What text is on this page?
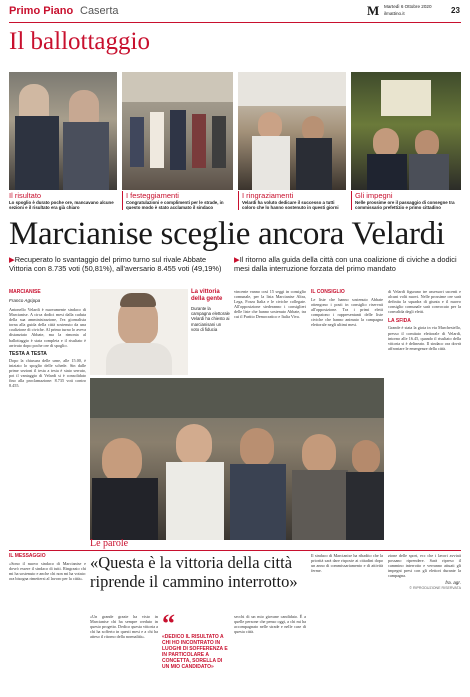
Primo Piano Caserta	M Martedì 6 Ottobre 2020
ilmattino.it	23
Il ballottaggio
Il risultato
Lo spoglio è durato poche ore, mancavano alcune sezioni e il risultato era già chiaro
I festeggiamenti
Congratulazioni e complimenti per le strade, in questo modo è stato acclamato il sindaco
I ringraziamenti
Velardi ha voluto dedicare il successo a tutti coloro che lo hanno sostenuto in questi giorni
Gli impegni
Nelle prossime ore il passaggio di consegne tra commissario prefettizio e primo cittadino
Marcianise sceglie ancora Velardi
▶Recuperato lo svantaggio del primo turno sul rivale Abbate Vittoria con 8.735 voti (50,81%), all'aversario 8.455 voti (49,19%)
▶Il ritorno alla guida della città con una coalizione di civiche a dodici mesi dalla interruzione forzata del primo mandato
MARCIANISE
Franco Agrippa
Antonello Velardi è nuovamente sindaco di Marcianise. A circa dodici mesi dalla caduta della sua amministrazione, l'ex giornalista torna alla guida della città sostenuto da una coalizione di civiche. Al primo turno lo aveva distanziato Abbate, ma la rimonta al ballottaggio è stata completa e il risultato è arrivato dopo poche ore di spoglio.
TESTA A TESTA
Dopo la chiusura delle urne, alle 15.00, è iniziato lo spoglio delle schede. Sin dalle prime sezioni il testa a testa è stato serrato, poi il vantaggio di Velardi si è consolidato fino alla proclamazione: 8.735 voti contro 8.455.
La vittoria della gente
Durante la campagna elettorale Velardi ha chiesto ai marcianisani un voto di fiducia
vincente vanno così 15 seggi in consiglio comunale, per la lista Marcianise Altra, Lega, Forza Italia e le civiche collegate. All'opposizione siederanno i consiglieri delle liste che hanno sostenuto Abbate, tra cui il Partito Democratico e Italia Viva.
IL CONSIGLIO
Le liste che hanno sostenuto Abbate ottengono i posti in consiglio riservati all'opposizione. Tra i primi eletti compaiono i rappresentanti delle liste civiche che hanno animato la campagna elettorale negli ultimi mesi.
di Velardi figurano tre assessori uscenti e alcuni volti nuovi. Nelle prossime ore sarà definita la squadra di giunta e il nuovo consiglio comunale sarà convocato per la convalida degli eletti.
LA SFIDA
Grande è stata la gioia in via Marchesiello, presso il comitato elettorale di Velardi, intorno alle 16.45, quando il risultato della vittoria si è delineato. Il sindaco ora dovrà affrontare le emergenze della città.
Le parole
IL MESSAGGIO
«Sono il nuovo sindaco di Marcianise e dovrò essere il sindaco di tutti. Ringrazio chi mi ha sostenuto e anche chi non mi ha votato: ora bisogna rimettersi al lavoro per la città».
«Questa è la vittoria della città riprende il cammino interrotto»
«Un grande grazie ha visto in Marcianise chi ha sempre creduto in questo progetto. Dedico questa vittoria a chi ha sofferto in questi mesi e a chi ha atteso il ritorno della normalità». “
«DEDICO IL RISULTATO A CHI HO INCONTRATO IN LUOGHI DI SOFFERENZA E IN PARTICOLARE A CONCETTA, SORELLA DI UN MIO CANDIDATO»
secchi di un mio giovane candidato. È a quelle persone che penso oggi, a chi mi ha accompagnato nelle strade e nelle case di questa città.
Il sindaco di Marcianise ha ribadito che la priorità sarà dare risposte ai cittadini dopo un anno di commissariamento e di attività ferme.
zione delle sport, ecc che i lavori avviati possano riprendere. Sarà ripreso il cammino interrotto e verranno attuati gli impegni presi con gli elettori durante la campagna.
fra. agr.
© RIPRODUZIONE RISERVATA
